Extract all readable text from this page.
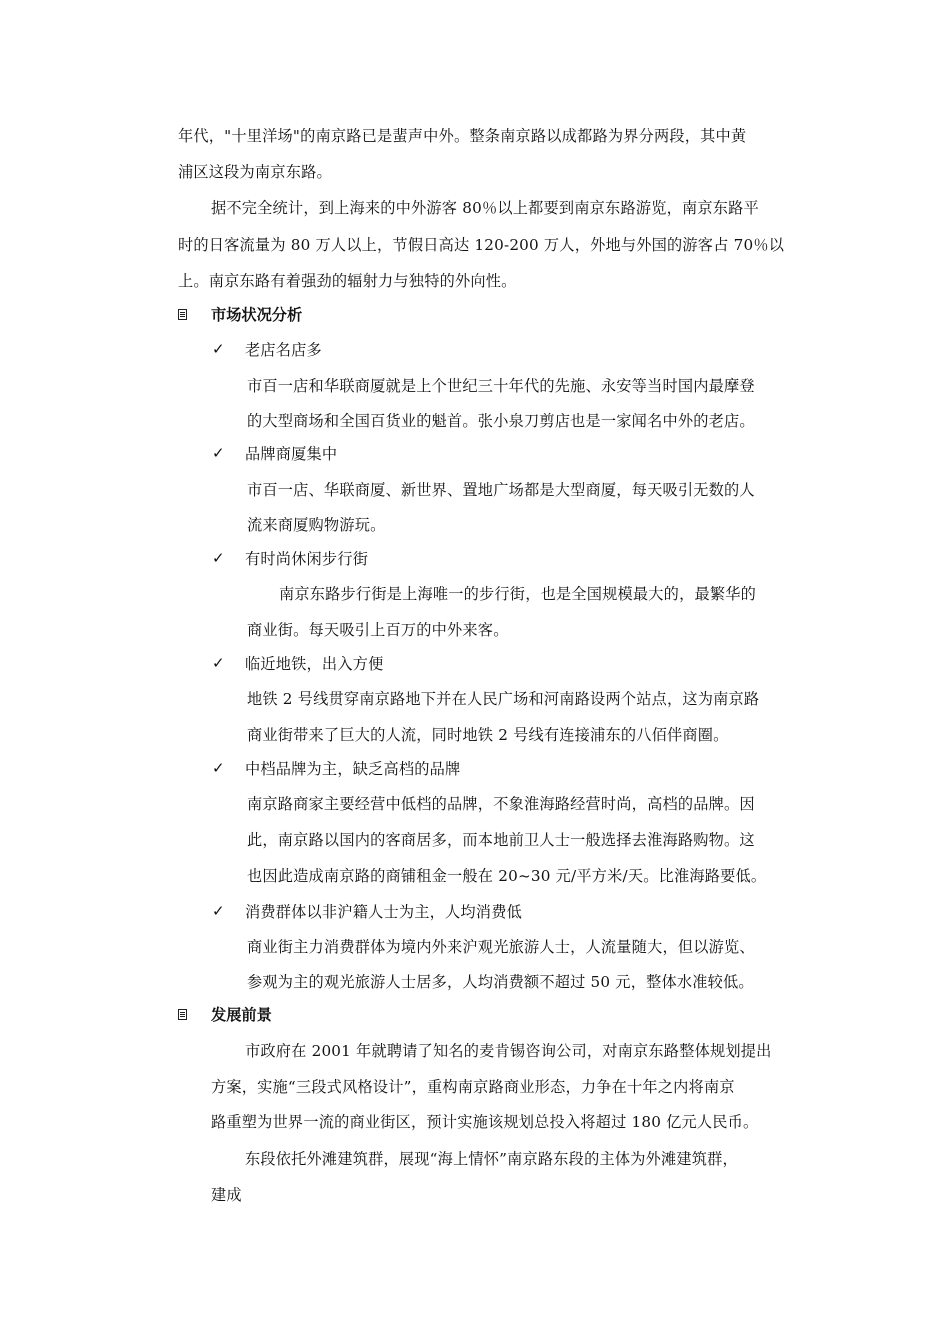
年代，"十里洋场"的南京路已是蜚声中外。整条南京路以成都路为界分两段，其中黄
浦区这段为南京东路。
据不完全统计，到上海来的中外游客 80％以上都要到南京东路游览，南京东路平
时的日客流量为 80 万人以上，节假日高达 120-200 万人，外地与外国的游客占 70％以
上。南京东路有着强劲的辐射力与独特的外向性。
市场状况分析
✓ 老店名店多
市百一店和华联商厦就是上个世纪三十年代的先施、永安等当时国内最摩登
的大型商场和全国百货业的魁首。张小泉刀剪店也是一家闻名中外的老店。
✓ 品牌商厦集中
市百一店、华联商厦、新世界、置地广场都是大型商厦，每天吸引无数的人
流来商厦购物游玩。
✓ 有时尚休闲步行街
南京东路步行街是上海唯一的步行街，也是全国规模最大的，最繁华的
商业街。每天吸引上百万的中外来客。
✓ 临近地铁，出入方便
地铁 2 号线贯穿南京路地下并在人民广场和河南路设两个站点，这为南京路
商业街带来了巨大的人流，同时地铁 2 号线有连接浦东的八佰伴商圈。
✓ 中档品牌为主，缺乏高档的品牌
南京路商家主要经营中低档的品牌，不象淮海路经营时尚，高档的品牌。因
此，南京路以国内的客商居多，而本地前卫人士一般选择去淮海路购物。这
也因此造成南京路的商铺租金一般在 20~30 元/平方米/天。比淮海路要低。
✓ 消费群体以非沪籍人士为主，人均消费低
商业街主力消费群体为境内外来沪观光旅游人士，人流量随大，但以游览、
参观为主的观光旅游人士居多，人均消费额不超过 50 元，整体水准较低。
发展前景
市政府在 2001 年就聘请了知名的麦肯锡咨询公司，对南京东路整体规划提出
方案，实施“三段式风格设计”，重构南京路商业形态，力争在十年之内将南京
路重塑为世界一流的商业街区，预计实施该规划总投入将超过 180 亿元人民币。
东段依托外滩建筑群，展现“海上情怀”南京路东段的主体为外滩建筑群，
建成
